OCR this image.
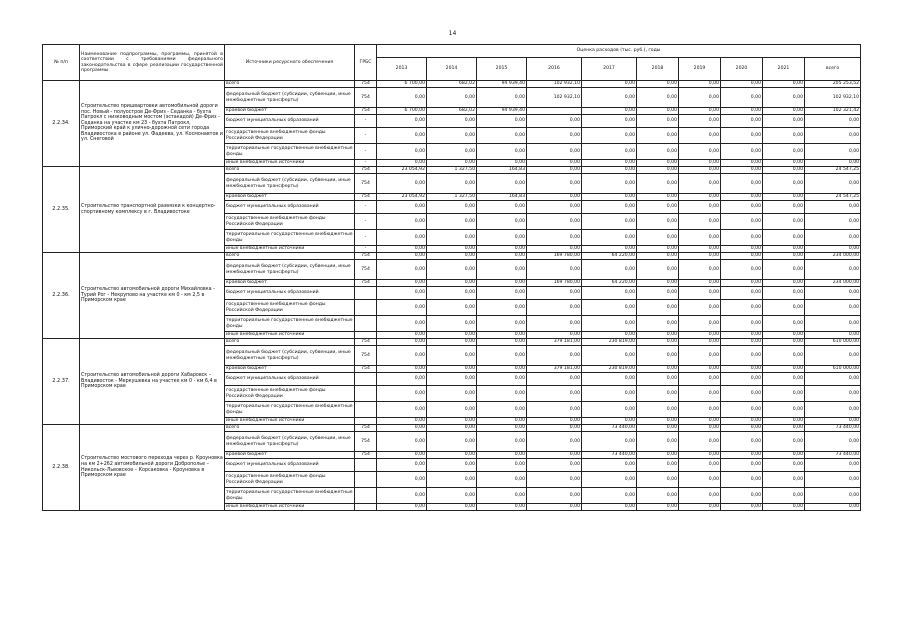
14
№ п/п	Наименование подпрограммы, программы, принятой в соответствии с требованиями федерального законодательства в сфере реализации государственной программы	Источники ресурсного обеспечения	ГРБС	Оценка расходов (тыс. руб.), годы									
				2013	2014	2015	2016	2017	2018	2019	2020	2021	всего
2.2.34.	Строительство пришвартовки автомобильной дороги пос. Новый - полуостров Де-Фриз - Седанка - бухта Патрокл с низководным мостом (эстакадой) Де-Фриз - Седанка на участке км 23 - бухта Патрокл, Приморский край к улично-дорожной сети города Владивостока в районе ул. Фадеева, ул. Космонавтов и ул. Снеговой	всего	754	6 700,00	682,02	94 939,40	102 932,10	0,00	0,00	0,00	0,00	0,00	205 253,52
		федеральный бюджет (субсидии, субвенции, иные межбюджетные трансферты)	754	0,00	0,00	0,00	102 932,10	0,00	0,00	0,00	0,00	0,00	102 932,10
		краевой бюджет	754	6 700,00	682,02	94 939,40		0,00	0,00	0,00	0,00	0,00	102 321,42
		бюджет муниципальных образований	-	0,00	0,00	0,00	0,00	0,00	0,00	0,00	0,00	0,00	0,00
		государственные внебюджетные фонды Российской Федерации	-	0,00	0,00	0,00	0,00	0,00	0,00	0,00	0,00	0,00	0,00
		территориальные государственные внебюджетные фонды	-	0,00	0,00	0,00	0,00	0,00	0,00	0,00	0,00	0,00	0,00
		иные внебюджетные источники	-	0,00	0,00	0,00	0,00	0,00	0,00	0,00	0,00	0,00	0,00
2.2.35.	Строительство транспортной развязки к концертно- спортивному комплексу в г. Владивостоке	всего	754	23 054,92	1 327,50	164,83	0,00	0,00	0,00	0,00	0,00	0,00	24 547,25
		федеральный бюджет (субсидии, субвенции, иные межбюджетные трансферты)	754	0,00	0,00	0,00	0,00	0,00	0,00	0,00	0,00	0,00	0,00
		краевой бюджет	754	23 054,92	1 327,50	164,83	0,00	0,00	0,00	0,00	0,00	0,00	24 547,25
		бюджет муниципальных образований	-	0,00	0,00	0,00	0,00	0,00	0,00	0,00	0,00	0,00	0,00
		государственные внебюджетные фонды Российской Федерации	-	0,00	0,00	0,00	0,00	0,00	0,00	0,00	0,00	0,00	0,00
		территориальные государственные внебюджетные фонды	-	0,00	0,00	0,00	0,00	0,00	0,00	0,00	0,00	0,00	0,00
		иные внебюджетные источники	-	0,00	0,00	0,00	0,00	0,00	0,00	0,00	0,00	0,00	0,00
2.2.36.	Строительство автомобильной дороги Михайловка - Турий Рог - Некрупово на участке км 0 - км 2,5 в Приморском крае	всего	754	0,00	0,00	0,00	169 780,00	64 220,00	0,00	0,00	0,00	0,00	234 000,00
		федеральный бюджет (субсидии, субвенции, иные межбюджетные трансферты)	754	0,00	0,00	0,00	0,00	0,00	0,00	0,00	0,00	0,00	0,00
		краевой бюджет	754	0,00	0,00	0,00	169 780,00	64 220,00	0,00	0,00	0,00	0,00	234 000,00
		бюджет муниципальных образований		0,00	0,00	0,00	0,00	0,00	0,00	0,00	0,00	0,00	0,00
		государственные внебюджетные фонды Российской Федерации		0,00	0,00	0,00	0,00	0,00	0,00	0,00	0,00	0,00	0,00
		территориальные государственные внебюджетные фонды		0,00	0,00	0,00	0,00	0,00	0,00	0,00	0,00	0,00	0,00
		иные внебюджетные источники		0,00	0,00	0,00	0,00	0,00	0,00	0,00	0,00	0,00	0,00
2.2.37.	Строительство автомобильной дороги Хабаровск – Владивосток - Меркушевка на участке км 0 - км 6,4 в Приморском крае	всего	754	0,00	0,00	0,00	379 181,00	230 819,00	0,00	0,00	0,00	0,00	610 000,00
		федеральный бюджет (субсидии, субвенции, иные межбюджетные трансферты)	754	0,00	0,00	0,00	0,00	0,00	0,00	0,00	0,00	0,00	0,00
		краевой бюджет	754	0,00	0,00	0,00	379 181,00	230 819,00	0,00	0,00	0,00	0,00	610 000,00
		бюджет муниципальных образований		0,00	0,00	0,00	0,00	0,00	0,00	0,00	0,00	0,00	0,00
		государственные внебюджетные фонды Российской Федерации		0,00	0,00	0,00	0,00	0,00	0,00	0,00	0,00	0,00	0,00
		территориальные государственные внебюджетные фонды		0,00	0,00	0,00	0,00	0,00	0,00	0,00	0,00	0,00	0,00
		иные внебюджетные источники		0,00	0,00	0,00	0,00	0,00	0,00	0,00	0,00	0,00	0,00
2.2.38.	Строительство мостового перехода через р. Кроуновка на км 2+262 автомобильной дороги Доброполье – Никольск-Львовское – Корсаковка - Кроуновка в Приморском крае	всего	754	0,00	0,00	0,00	0,00	73 440,00	0,00	0,00	0,00	0,00	73 440,00
		федеральный бюджет (субсидии, субвенции, иные межбюджетные трансферты)	754	0,00	0,00	0,00	0,00	0,00	0,00	0,00	0,00	0,00	0,00
		краевой бюджет	754	0,00	0,00	0,00	0,00	73 440,00	0,00	0,00	0,00	0,00	73 440,00
		бюджет муниципальных образований		0,00	0,00	0,00	0,00	0,00	0,00	0,00	0,00	0,00	0,00
		государственные внебюджетные фонды Российской Федерации		0,00	0,00	0,00	0,00	0,00	0,00	0,00	0,00	0,00	0,00
		территориальные государственные внебюджетные фонды		0,00	0,00	0,00	0,00	0,00	0,00	0,00	0,00	0,00	0,00
		иные внебюджетные источники		0,00	0,00	0,00	0,00	0,00	0,00	0,00	0,00	0,00	0,00
